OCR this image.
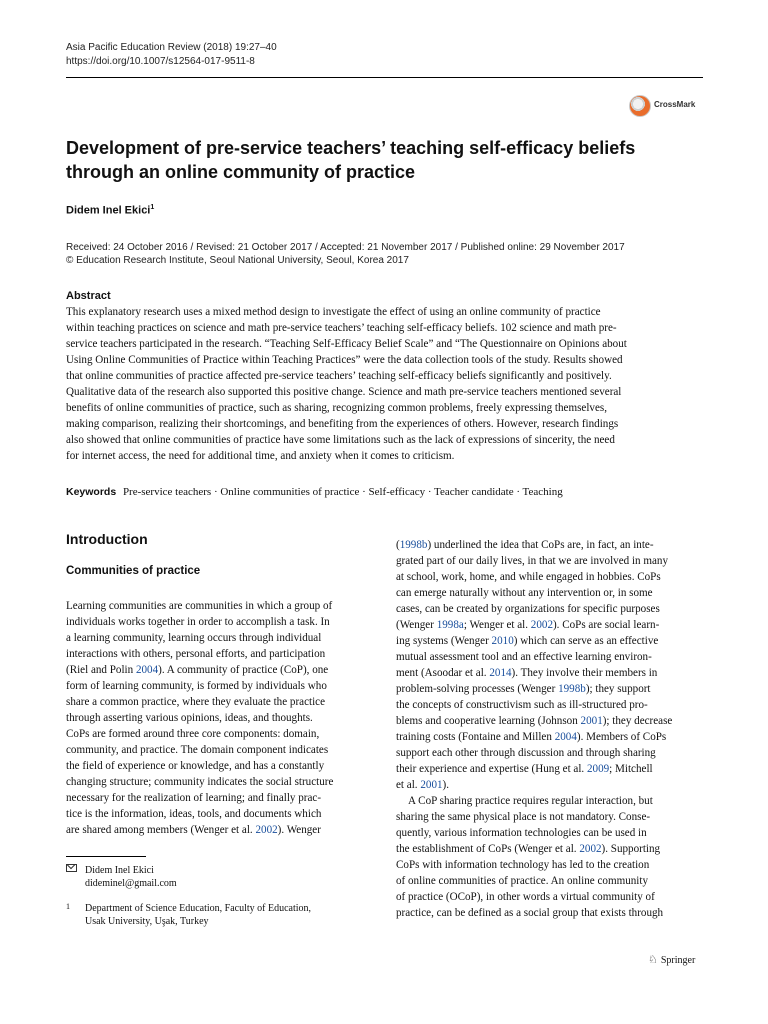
Asia Pacific Education Review (2018) 19:27–40
https://doi.org/10.1007/s12564-017-9511-8
CrossMark
Development of pre-service teachers’ teaching self-efficacy beliefs
through an online community of practice
Didem Inel Ekici$^1$
Received: 24 October 2016 / Revised: 21 October 2017 / Accepted: 21 November 2017 / Published online: 29 November 2017
© Education Research Institute, Seoul National University, Seoul, Korea 2017
Abstract
This explanatory research uses a mixed method design to investigate the effect of using an online community of practice
within teaching practices on science and math pre-service teachers’ teaching self-efficacy beliefs. 102 science and math pre-
service teachers participated in the research. “Teaching Self-Efficacy Belief Scale” and “The Questionnaire on Opinions about
Using Online Communities of Practice within Teaching Practices” were the data collection tools of the study. Results showed
that online communities of practice affected pre-service teachers’ teaching self-efficacy beliefs significantly and positively.
Qualitative data of the research also supported this positive change. Science and math pre-service teachers mentioned several
benefits of online communities of practice, such as sharing, recognizing common problems, freely expressing themselves,
making comparison, realizing their shortcomings, and benefiting from the experiences of others. However, research findings
also showed that online communities of practice have some limitations such as the lack of expressions of sincerity, the need
for internet access, the need for additional time, and anxiety when it comes to criticism.
Keywords Pre-service teachers · Online communities of practice · Self-efficacy · Teacher candidate · Teaching
Introduction
Communities of practice
Learning communities are communities in which a group of
individuals works together in order to accomplish a task. In
a learning community, learning occurs through individual
interactions with others, personal efforts, and participation
(Riel and Polin 2004). A community of practice (CoP), one
form of learning community, is formed by individuals who
share a common practice, where they evaluate the practice
through asserting various opinions, ideas, and thoughts.
CoPs are formed around three core components: domain,
community, and practice. The domain component indicates
the field of experience or knowledge, and has a constantly
changing structure; community indicates the social structure
necessary for the realization of learning; and finally prac-
tice is the information, ideas, tools, and documents which
are shared among members (Wenger et al. 2002). Wenger
(1998b) underlined the idea that CoPs are, in fact, an inte-
grated part of our daily lives, in that we are involved in many
at school, work, home, and while engaged in hobbies. CoPs
can emerge naturally without any intervention or, in some
cases, can be created by organizations for specific purposes
(Wenger 1998a; Wenger et al. 2002). CoPs are social learn-
ing systems (Wenger 2010) which can serve as an effective
mutual assessment tool and an effective learning environ-
ment (Asoodar et al. 2014). They involve their members in
problem-solving processes (Wenger 1998b); they support
the concepts of constructivism such as ill-structured pro-
blems and cooperative learning (Johnson 2001); they decrease
training costs (Fontaine and Millen 2004). Members of CoPs
support each other through discussion and through sharing
their experience and expertise (Hung et al. 2009; Mitchell
et al. 2001).
A CoP sharing practice requires regular interaction, but
sharing the same physical place is not mandatory. Conse-
quently, various information technologies can be used in
the establishment of CoPs (Wenger et al. 2002). Supporting
CoPs with information technology has led to the creation
of online communities of practice. An online community
of practice (OCoP), in other words a virtual community of
practice, can be defined as a social group that exists through
Didem Inel Ekici
dideminel@gmail.com
1 Department of Science Education, Faculty of Education,
Usak University, Uşak, Turkey
♘ Springer
